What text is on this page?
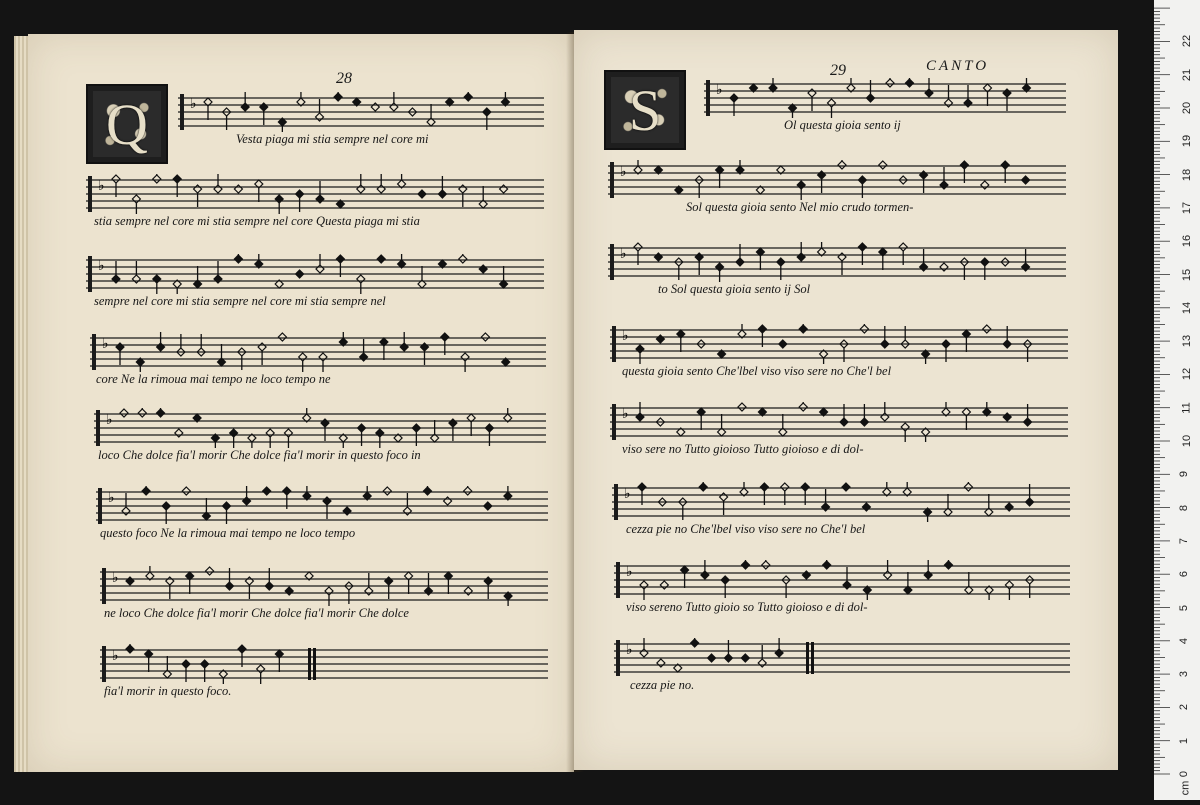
28
Q	♭
Vesta piaga mi stia sempre nel core mi
♭
stia sempre nel core mi stia sempre nel core Questa piaga mi stia
♭
sempre nel core mi stia sempre nel core mi stia sempre nel
♭
core Ne la rimoua mai tempo ne loco tempo ne
♭
loco Che dolce fia'l morir Che dolce fia'l morir in questo foco in
♭
questo foco Ne la rimoua mai tempo ne loco tempo
♭
ne loco Che dolce fia'l morir Che dolce fia'l morir Che dolce
♭
fia'l morir in questo foco.
29	CANTO
S	♭
Ol questa gioia sento ij
♭
Sol questa gioia sento Nel mio crudo tormen-
♭
to Sol questa gioia sento ij Sol
♭
questa gioia sento Che'lbel viso viso sere no Che'l bel
♭
viso sere no Tutto gioioso Tutto gioioso e di dol-
♭
cezza pie no Che'lbel viso viso sere no Che'l bel
♭
viso sereno Tutto gioio so Tutto gioioso e di dol-
♭
cezza pie no.
22
21
20
19
18
17
16
15
14
13
12
11
10
9
8
7
6
5
4
3
2
1
0
cm
